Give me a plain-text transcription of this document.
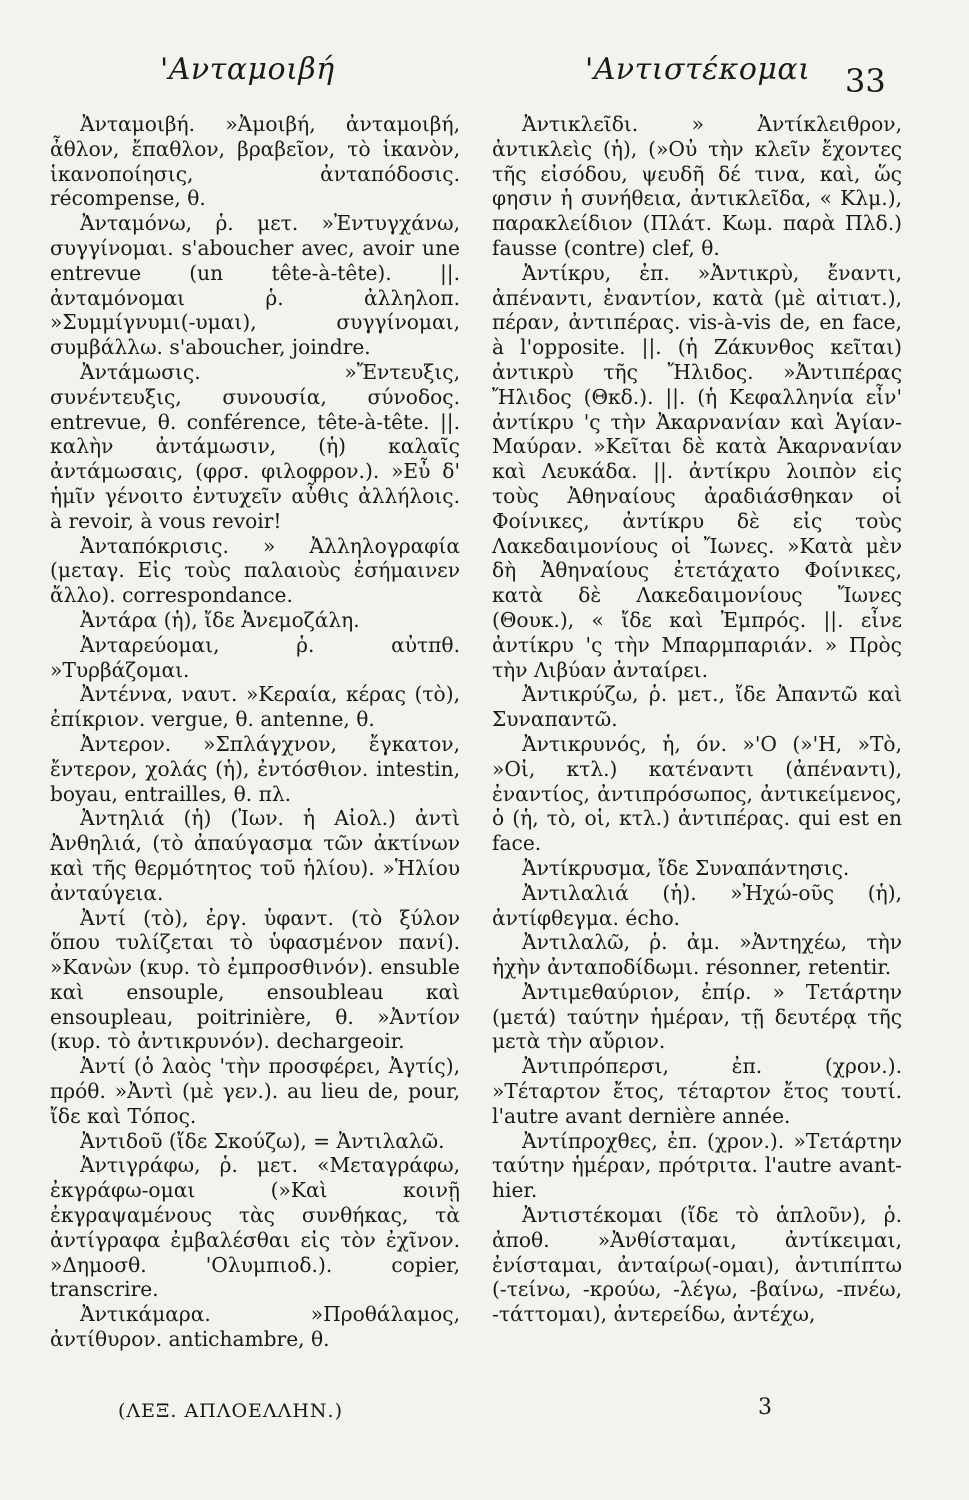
'Ανταμοιβή	'Αντιστέκομαι 33

Ἀνταμοιβή. »Ἀμοιβή, ἀνταμοιβή, ἆθλον, ἔπαθλον, βραβεῖον, τὸ ἱκανὸν, ἱκανοποίησις, ἀνταπόδοσις. récompense, θ.

Ἀνταμόνω, ῥ. μετ. »Ἐντυγχάνω, συγγίνομαι. s'aboucher avec, avoir une entrevue (un tête-à-tête). ||. ἀνταμόνομαι ῥ. ἀλληλοπ. »Συμμίγνυμι(-υμαι), συγγίνομαι, συμβάλλω. s'aboucher, joindre.

Ἀντάμωσις. »Ἔντευξις, συνέντευξις, συνουσία, σύνοδος. entrevue, θ. conférence, tête-à-tête. ||. καλὴν ἀντάμωσιν, (ἡ) καλαῖς ἀντάμωσαις, (φρσ. φιλοφρον.). »Εὖ δ' ἡμῖν γένοιτο ἐντυχεῖν αὖθις ἀλλήλοις. à revoir, à vous revoir!

Ἀνταπόκρισις. » Ἀλληλογραφία (μεταγ. Εἰς τοὺς παλαιοὺς ἐσήμαινεν ἄλλο). correspondance.

Ἀντάρα (ἡ), ἴδε Ἀνεμοζάλη.

Ἀνταρεύομαι, ῥ. αὐτπθ. »Τυρβάζομαι.

Ἀντέννα, ναυτ. »Κεραία, κέρας (τὸ), ἐπίκριον. vergue, θ. antenne, θ.

Ἀντερον. »Σπλάγχνον, ἔγκατον, ἔντερον, χολάς (ἡ), ἐντόσθιον. intestin, boyau, entrailles, θ. πλ.

Ἀντηλιά (ἡ) (Ἰων. ἡ Αἰολ.) ἀντὶ Ἀνθηλιά, (τὸ ἀπαύγασμα τῶν ἀκτίνων καὶ τῆς θερμότητος τοῦ ἡλίου). »Ἡλίου ἀνταύγεια.

Ἀντί (τὸ), ἐργ. ὑφαντ. (τὸ ξύλον ὅπου τυλίζεται τὸ ὑφασμένον πανί). »Κανὼν (κυρ. τὸ ἐμπροσθινόν). ensuble καὶ ensouple, ensoubleau καὶ ensoupleau, poitrinière, θ. »Ἀντίον (κυρ. τὸ ἀντικρυνόν). dechargeoir.

Ἀντί (ὁ λαὸς 'τὴν προσφέρει, Ἀγτίς), πρόθ. »Ἀντὶ (μὲ γεν.). au lieu de, pour, ἴδε καὶ Τόπος.

Ἀντιδοῦ (ἴδε Σκούζω), = Ἀντιλαλῶ.

Ἀντιγράφω, ῥ. μετ. «Μεταγράφω, ἐκγράφω-ομαι (»Καὶ κοινῇ ἐκγραψαμένους τὰς συνθήκας, τὰ ἀντίγραφα ἐμβαλέσθαι εἰς τὸν ἐχῖνον. »Δημοσθ. 'Ολυμπιοδ.). copier, transcrire.

Ἀντικάμαρα. »Προθάλαμος, ἀντίθυρον. antichambre, θ.

Ἀντικλεῖδι. » Ἀντίκλειθρον, ἀντικλεὶς (ἡ), (»Οὐ τὴν κλεῖν ἔχοντες τῆς εἰσόδου, ψευδῆ δέ τινα, καὶ, ὥς φησιν ἡ συνήθεια, ἀντικλεῖδα, « Κλμ.), παρακλείδιον (Πλάτ. Κωμ. παρὰ Πλδ.) fausse (contre) clef, θ.

Ἀντίκρυ, ἐπ. »Ἀντικρὺ, ἔναντι, ἀπέναντι, ἐναντίον, κατὰ (μὲ αἰτιατ.), πέραν, ἀντιπέρας. vis-à-vis de, en face, à l'opposite. ||. (ἡ Ζάκυνθος κεῖται) ἀντικρὺ τῆς Ἤλιδος. »Ἀντιπέρας Ἤλιδος (Θκδ.). ||. (ἡ Κεφαλληνία εἶν' ἀντίκρυ 'ς τὴν Ἀκαρνανίαν καὶ Ἁγίαν-Μαύραν. »Κεῖται δὲ κατὰ Ἀκαρνανίαν καὶ Λευκάδα. ||. ἀντίκρυ λοιπὸν εἰς τοὺς Ἀθηναίους ἀραδιάσθηκαν οἱ Φοίνικες, ἀντίκρυ δὲ εἰς τοὺς Λακεδαιμονίους οἱ Ἴωνες. »Κατὰ μὲν δὴ Ἀθηναίους ἐτετάχατο Φοίνικες, κατὰ δὲ Λακεδαιμονίους Ἴωνες (Θουκ.), « ἴδε καὶ Ἐμπρός. ||. εἶνε ἀντίκρυ 'ς τὴν Μπαρμπαριάν. » Πρὸς τὴν Λιβύαν ἀνταίρει.

Ἀντικρύζω, ῥ. μετ., ἴδε Ἀπαντῶ καὶ Συναπαντῶ.

Ἀντικρυνός, ἡ, όν. »'Ο (»'Η, »Τὸ, »Οἱ, κτλ.) κατέναντι (ἀπέναντι), ἐναντίος, ἀντιπρόσωπος, ἀντικείμενος, ὁ (ἡ, τὸ, οἱ, κτλ.) ἀντιπέρας. qui est en face.

Ἀντίκρυσμα, ἴδε Συναπάντησις.

Ἀντιλαλιά (ἡ). »Ἠχώ-οῦς (ἡ), ἀντίφθεγμα. écho.

Ἀντιλαλῶ, ῥ. ἀμ. »Ἀντηχέω, τὴν ἠχὴν ἀνταποδίδωμι. résonner, retentir.

Ἀντιμεθαύριον, ἐπίρ. » Τετάρτην (μετά) ταύτην ἡμέραν, τῇ δευτέρᾳ τῆς μετὰ τὴν αὔριον.

Ἀντιπρόπερσι, ἐπ. (χρον.). »Τέταρτον ἔτος, τέταρτον ἔτος τουτί. l'autre avant dernière année.

Ἀντίπροχθες, ἐπ. (χρον.). »Τετάρτην ταύτην ἡμέραν, πρότριτα. l'autre avant-hier.

Ἀντιστέκομαι (ἴδε τὸ ἁπλοῦν), ῥ. ἀποθ. »Ἀνθίσταμαι, ἀντίκειμαι, ἐνίσταμαι, ἀνταίρω(-ομαι), ἀντιπίπτω (-τείνω, -κρούω, -λέγω, -βαίνω, -πνέω, -τάττομαι), ἀντερείδω, ἀντέχω,

(ΛΕΞ. ΑΠΛΟΕΛΛΗΝ.)	3
